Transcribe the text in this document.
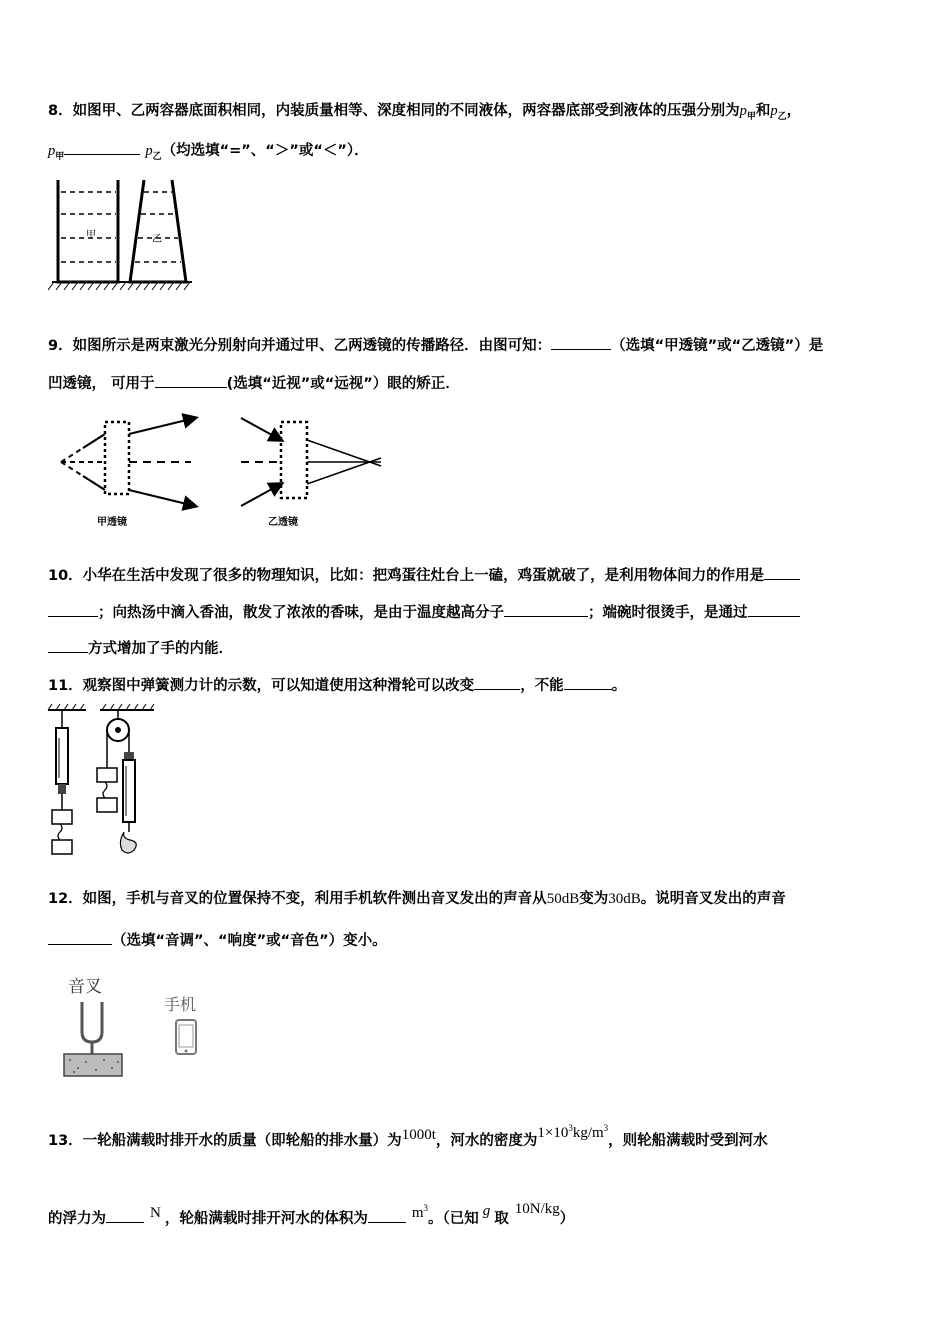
8．如图甲、乙两容器底面积相同，内装质量相等、深度相同的不同液体，两容器底部受到液体的压强分别为$p_甲$和$p_乙$，
$p_甲$	$p_乙$（均选填“=”、“＞”或“＜”）．
甲	乙
9．如图所示是两束激光分别射向并通过甲、乙两透镜的传播路径．由图可知：	（选填“甲透镜”或“乙透镜”）是
凹透镜， 可用于	(选填“近视”或“远视”）眼的矫正．
甲透镜	乙透镜
10．小华在生活中发现了很多的物理知识，比如：把鸡蛋往灶台上一磕，鸡蛋就破了，是利用物体间力的作用是
；向热汤中滴入香油，散发了浓浓的香味，是由于温度越高分子	；端碗时很烫手，是通过
方式增加了手的内能．
11．观察图中弹簧测力计的示数，可以知道使用这种滑轮可以改变	，不能	。
12．如图，手机与音叉的位置保持不变，利用手机软件测出音叉发出的声音从50dB变为30dB。说明音叉发出的声音
（选填“音调”、“响度”或“音色”）变小。
音叉
手机
13．一轮船满载时排开水的质量（即轮船的排水量）为1000t，河水的密度为$1\times 10^3kg/m^3$，则轮船满载时受到河水
的浮力为	N ，轮船满载时排开河水的体积为	$m^3$。（已知 g 取10N/kg）
